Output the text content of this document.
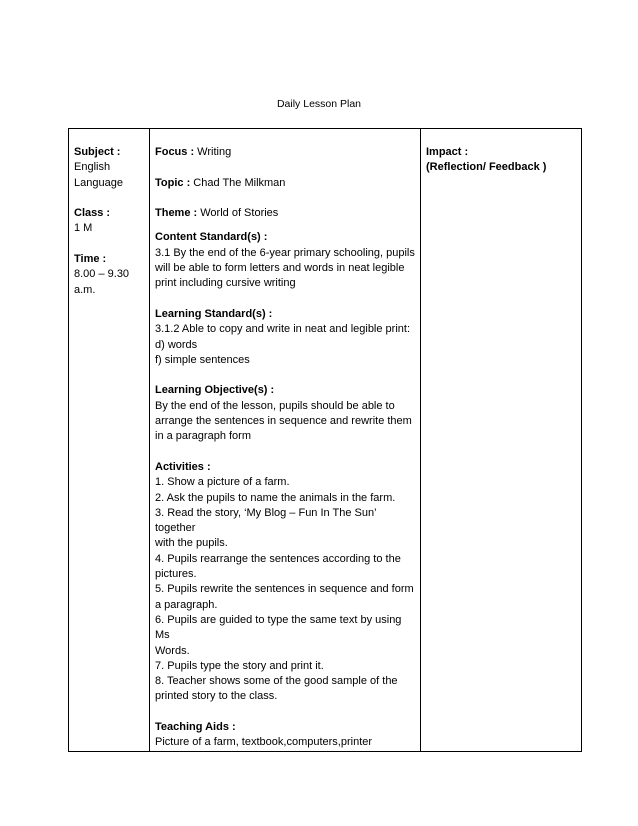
Daily Lesson Plan
Subject :
English
Language
Class :
1 M
Time :
8.00 – 9.30
a.m.

Focus : Writing
Topic : Chad The Milkman
Theme : World of Stories
Content Standard(s) :
3.1 By the end of the 6-year primary schooling, pupils
will be able to form letters and words in neat legible
print including cursive writing
Learning Standard(s) :
3.1.2 Able to copy and write in neat and legible print:
d) words
f) simple sentences
Learning Objective(s) :
By the end of the lesson, pupils should be able to
arrange the sentences in sequence and rewrite them
in a paragraph form
Activities :
1. Show a picture of a farm.
2. Ask the pupils to name the animals in the farm.
3. Read the story, ‘My Blog – Fun In The Sun’ together
with the pupils.
4. Pupils rearrange the sentences according to the
pictures.
5. Pupils rewrite the sentences in sequence and form
a paragraph.
6. Pupils are guided to type the same text by using Ms
Words.
7. Pupils type the story and print it.
8. Teacher shows some of the good sample of the
printed story to the class.
Teaching Aids :
Picture of a farm, textbook,computers,printer

Impact :
(Reflection/ Feedback )
